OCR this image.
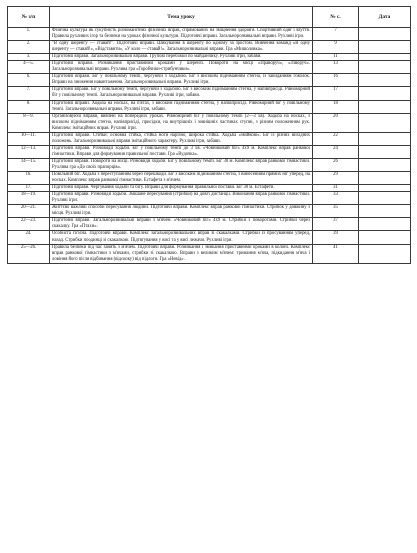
№ з/п	Тема уроку	№ с.	Дата
1.	Фізична культура як сукупність різноманітних фізичних вправ, спрямованих на зміцнення здоров'я. Спортивний одяг і взуття. Правила рухливих ігор та безпеки на уроках фізичної культури. Підготовчі вправи. Загальнорозвивальні вправи. Рухливі ігри.	7	
2.	"В одну шеренгу — ставай!". Підготовчі вправи. Шикування в шеренгу по одному за зростом. Вивчення команд «В одну шеренгу — ставай!», «Відставити», «У коло — ставай!». Загальнорозвивальні вправи. Гра «Мишоловка».	9	
3.	Підготовчі вправи. Загальнорозвивальні вправи. Групові перебіжки по майданчику. Рухливі ігри, забави.	11	
4—5.	Підготовчі вправи. Розмикання приставними кроками у шерензі. Повороти на місці «Праворуч», «Ліворуч». Загальнорозвивальні вправи. Рухлива гра «Горобчики-стрибунчики».	13	
6.	Підготовчі вправи. Біг у повільному темпі, чергуючи з ходьбою. Біг з високим підніманням стегна, із закиданням гомілок. Вправи на зниження навантаження. Загальнорозвивальні вправи. Рухливі ігри.	16	
7.	Підготовчі вправи. Біг у повільному темпі, чергуючи з ходьбою. Біг з високим підніманням стегна, у напівприсіді. Рівномірний біг у повільному темпі. Загальнорозвивальні вправи. Рухливі ігри, забави.	17	
8.	Підготовчі вправи. Ходьба на носках, на п'ятах, з високим підніманням стегна, у напівприсіді. Рівномірний біг у повільному темпі. Загальнорозвивальні вправи. Рухливі ігри, забави.	18	
8—9.	Організовуючі вправи, вивчені на попередніх уроках. Рівномірний біг у повільному темпі (2—3 хв). Ходьба на носках, з високим підніманням стегна, напівприсіді, присідки, на внутрішніх і зовнішніх частинах ступні, з різним положенням рук. Комплекс імітаційних вправ. Рухливі ігри.	20	
10—11.	Підготовчі вправи. Стійки: основна стійка, стійка ноги нарізно, широка стійка. Ходьба «змійкою». Біг із різних вихідних положень. Загальнорозвивальні вправи імітаційного характеру. Рухливі ігри, забави.	22	
12—13.	Підготовчі вправи. Різновиди ходьби. Біг у повільному темпі до 3 хв. «Човниковий біг» 4х9 м. Комплекс вправ ранкової гімнастики. Вправи для формування правильної постави. Гра «Вудочка».	24	
14—15.	Підготовчі вправи. Повороти на місці. Різновиди ходьби. Біг у повільному темпі. Біг 30 м. Комплекс вправ ранкової гімнастики. Рухлива гра «До своїх прапорців».	26	
16.	Повільний біг. Ходьба з переступанням через перешкоди. Біг з високим підніманням стегна, з винесенням прямих ніг уперед, на носках. Комплекс вправ ранкової гімнастики. Естафета з м'ячем.	29	
17.	Підготовчі вправи. Чергування ходьби та бігу. Вправи для формування правильної постави. Біг 30 м. Естафети.	31	
18—19.	Підготовчі вправи. Різновиди ходьби. Змішане пересування (стрибки) на довгі дистанції. Виконання вправ ранкової гімнастики. Рухливі ігри.	33	
20—21.	Життєво важливі способи пересування людини. Підготовчі вправи. Комплекс вправ ранкової гімнастики. Стрибок у довжину з місця. Рухливі ігри.	35	
22—23.	Підготовчі вправи. Загальнорозвивальні вправи з м'ячем. «Човниковий біг» 4х9 м. Стрибки з поворотами. Стрибки через скакалку. Гра «Птахи».	37	
24.	Особиста гігієна. Підготовчі вправи. Комплекс загальнорозвивальних вправ зі скакалками. Стрибки із просуванням уперед, назад. Стрибки поодинці зі скакалкою. Підтягування у висі та у висі лежачи. Рухливі ігри.	39	
25—26.	Правила безпеки під час занять з м'ячем. Підготовчі вправи. Розмикання і змикання приставними кроками в колоні. Комплекс вправ ранкової гімнастики з м'ячами, стрибки зі скакалкою. Вправи з великим м'ячем: тримання м'яча, підкидання м'яча і ловіння його після відбивання (відскоку) від підлоги. Гра «Невід».	41	
